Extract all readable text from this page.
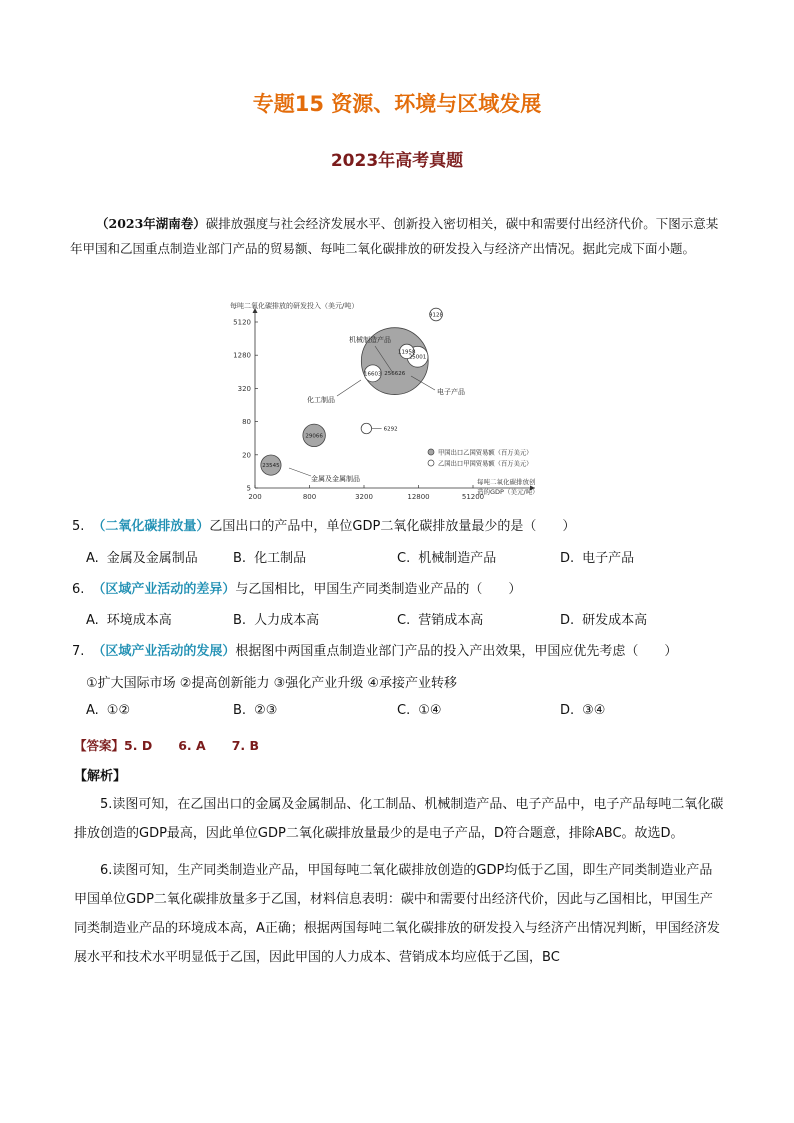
专题15 资源、环境与区域发展
2023年高考真题
（2023年湖南卷）碳排放强度与社会经济发展水平、创新投入密切相关，碳中和需要付出经济代价。下图示意某年甲国和乙国重点制造业部门产品的贸易额、每吨二氧化碳排放的研发投入与经济产出情况。据此完成下面小题。
200	800	3200	12800	51200
5
20
80
320
1280
5120
每吨二氧化碳排放的研发投入（美元/吨）
每吨二氧化碳排放创
造的GDP（美元/吨）
256626
29066
25001
23545
16603
11958
9128
6292
机械制造产品
化工制品
电子产品
金属及金属制品
甲国出口乙国贸易额（百万美元）
乙国出口甲国贸易额（百万美元）
5. （二氧化碳排放量）乙国出口的产品中，单位GDP二氧化碳排放量最少的是（　　）
A. 金属及金属制品	B. 化工制品	C. 机械制造产品	D. 电子产品
6. （区域产业活动的差异）与乙国相比，甲国生产同类制造业产品的（　　）
A. 环境成本高	B. 人力成本高	C. 营销成本高	D. 研发成本高
7. （区域产业活动的发展）根据图中两国重点制造业部门产品的投入产出效果，甲国应优先考虑（　　）
①扩大国际市场 ②提高创新能力 ③强化产业升级 ④承接产业转移
A. ①②	B. ②③	C. ①④	D. ③④
【答案】5. D 6. A 7. B
【解析】
5.读图可知，在乙国出口的金属及金属制品、化工制品、机械制造产品、电子产品中，电子产品每吨二氧化碳排放创造的GDP最高，因此单位GDP二氧化碳排放量最少的是电子产品，D符合题意，排除ABC。故选D。
6.读图可知，生产同类制造业产品，甲国每吨二氧化碳排放创造的GDP均低于乙国，即生产同类制造业产品甲国单位GDP二氧化碳排放量多于乙国，材料信息表明：碳中和需要付出经济代价，因此与乙国相比，甲国生产同类制造业产品的环境成本高，A正确；根据两国每吨二氧化碳排放的研发投入与经济产出情况判断，甲国经济发展水平和技术水平明显低于乙国，因此甲国的人力成本、营销成本均应低于乙国，BC
